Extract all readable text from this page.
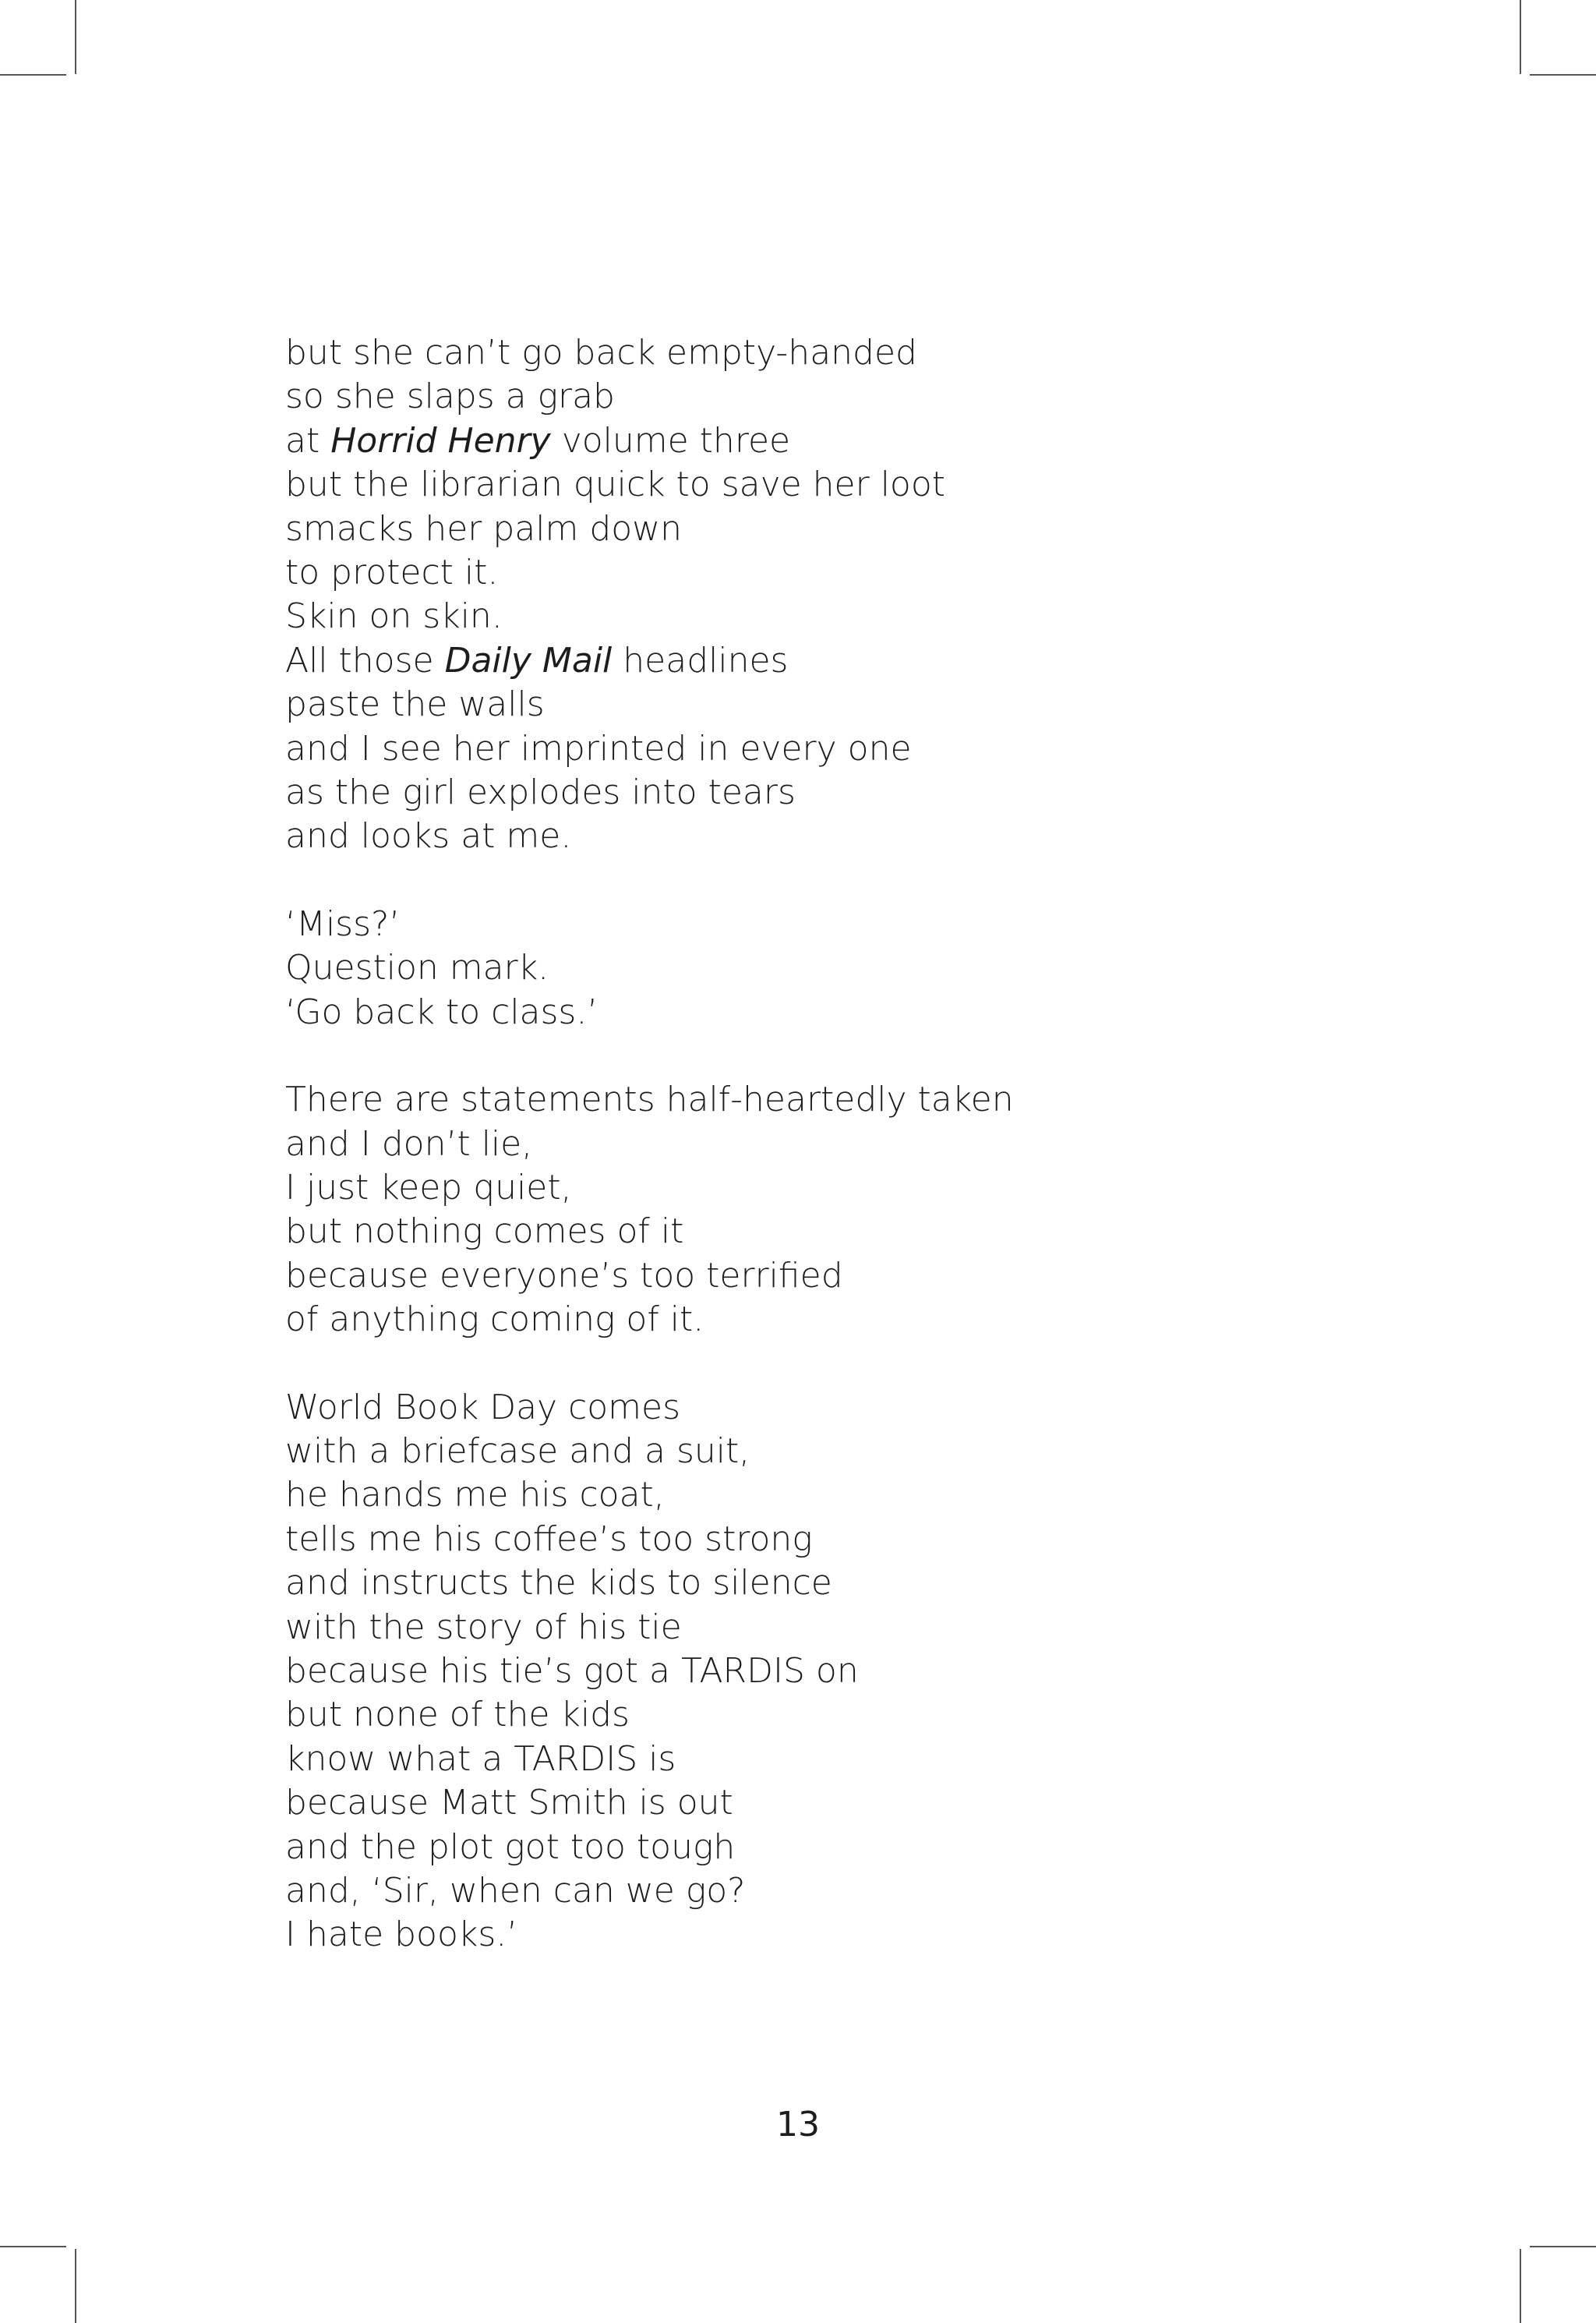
but she can’t go back empty-handed
so she slaps a grab
at Horrid Henry volume three
but the librarian quick to save her loot
smacks her palm down
to protect it.
Skin on skin.
All those Daily Mail headlines
paste the walls
and I see her imprinted in every one
as the girl explodes into tears
and looks at me.
‘Miss?’
Question mark.
‘Go back to class.’
There are statements half-heartedly taken
and I don’t lie,
I just keep quiet,
but nothing comes of it
because everyone’s too terrified
of anything coming of it.
World Book Day comes
with a briefcase and a suit,
he hands me his coat,
tells me his coffee’s too strong
and instructs the kids to silence
with the story of his tie
because his tie’s got a TARDIS on
but none of the kids
know what a TARDIS is
because Matt Smith is out
and the plot got too tough
and, ‘Sir, when can we go?
I hate books.’
13
